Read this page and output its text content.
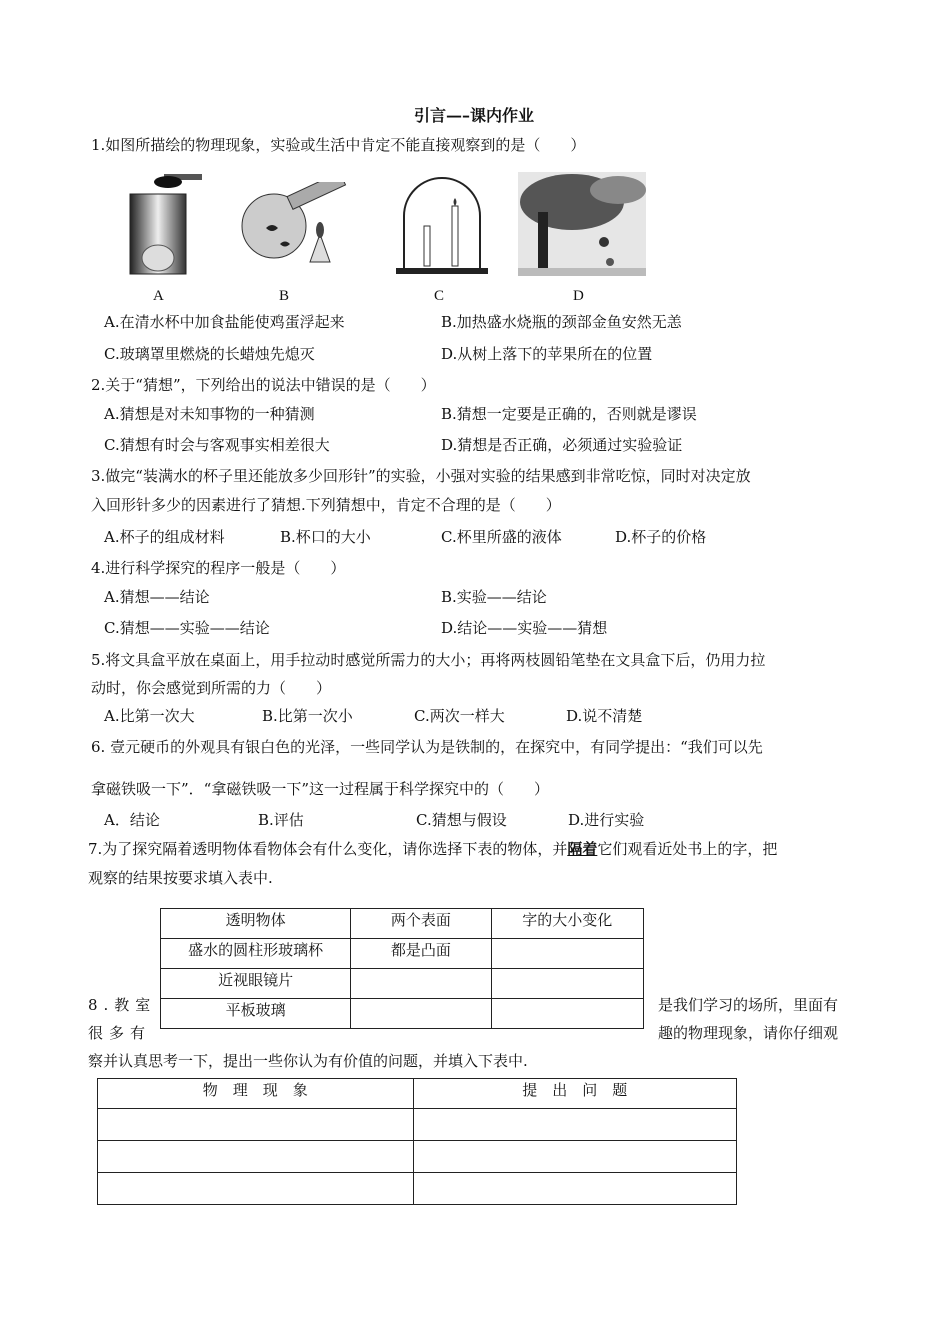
引言—–课内作业
1.如图所描绘的物理现象，实验或生活中肯定不能直接观察到的是（　　）
A	B	C	D
A.在清水杯中加食盐能使鸡蛋浮起来	B.加热盛水烧瓶的颈部金鱼安然无恙
C.玻璃罩里燃烧的长蜡烛先熄灭	D.从树上落下的苹果所在的位置
2.关于“猜想”，下列给出的说法中错误的是（　　）
A.猜想是对未知事物的一种猜测	B.猜想一定要是正确的，否则就是谬误
C.猜想有时会与客观事实相差很大	D.猜想是否正确，必须通过实验验证
3.做完“装满水的杯子里还能放多少回形针”的实验，小强对实验的结果感到非常吃惊，同时对决定放
入回形针多少的因素进行了猜想.下列猜想中，肯定不合理的是（　　）
A.杯子的组成材料	B.杯口的大小	C.杯里所盛的液体	D.杯子的价格
4.进行科学探究的程序一般是（　　）
A.猜想——结论	B.实验——结论
C.猜想——实验——结论	D.结论——实验——猜想
5.将文具盒平放在桌面上，用手拉动时感觉所需力的大小；再将两枝圆铅笔垫在文具盒下后，仍用力拉
动时，你会感觉到所需的力（　　）
A.比第一次大	B.比第一次小	C.两次一样大	D.说不清楚
6. 壹元硬币的外观具有银白色的光泽，一些同学认为是铁制的，在探究中，有同学提出：“我们可以先
拿磁铁吸一下”．“拿磁铁吸一下”这一过程属于科学探究中的（　　）
A．结论	B.评估	C.猜想与假设	D.进行实验
7.为了探究隔着透明物体看物体会有什么变化，请你选择下表的物体，并隔着它们观看近处书上的字，把
观察的结果按要求填入表中.
透明物体	两个表面	字的大小变化
盛水的圆柱形玻璃杯	都是凸面	
近视眼镜片		
平板玻璃		
8.教室
很多有
是我们学习的场所，里面有
趣的物理现象，请你仔细观
察并认真思考一下，提出一些你认为有价值的问题，并填入下表中.
物　理　现　象	提　出　问　题
